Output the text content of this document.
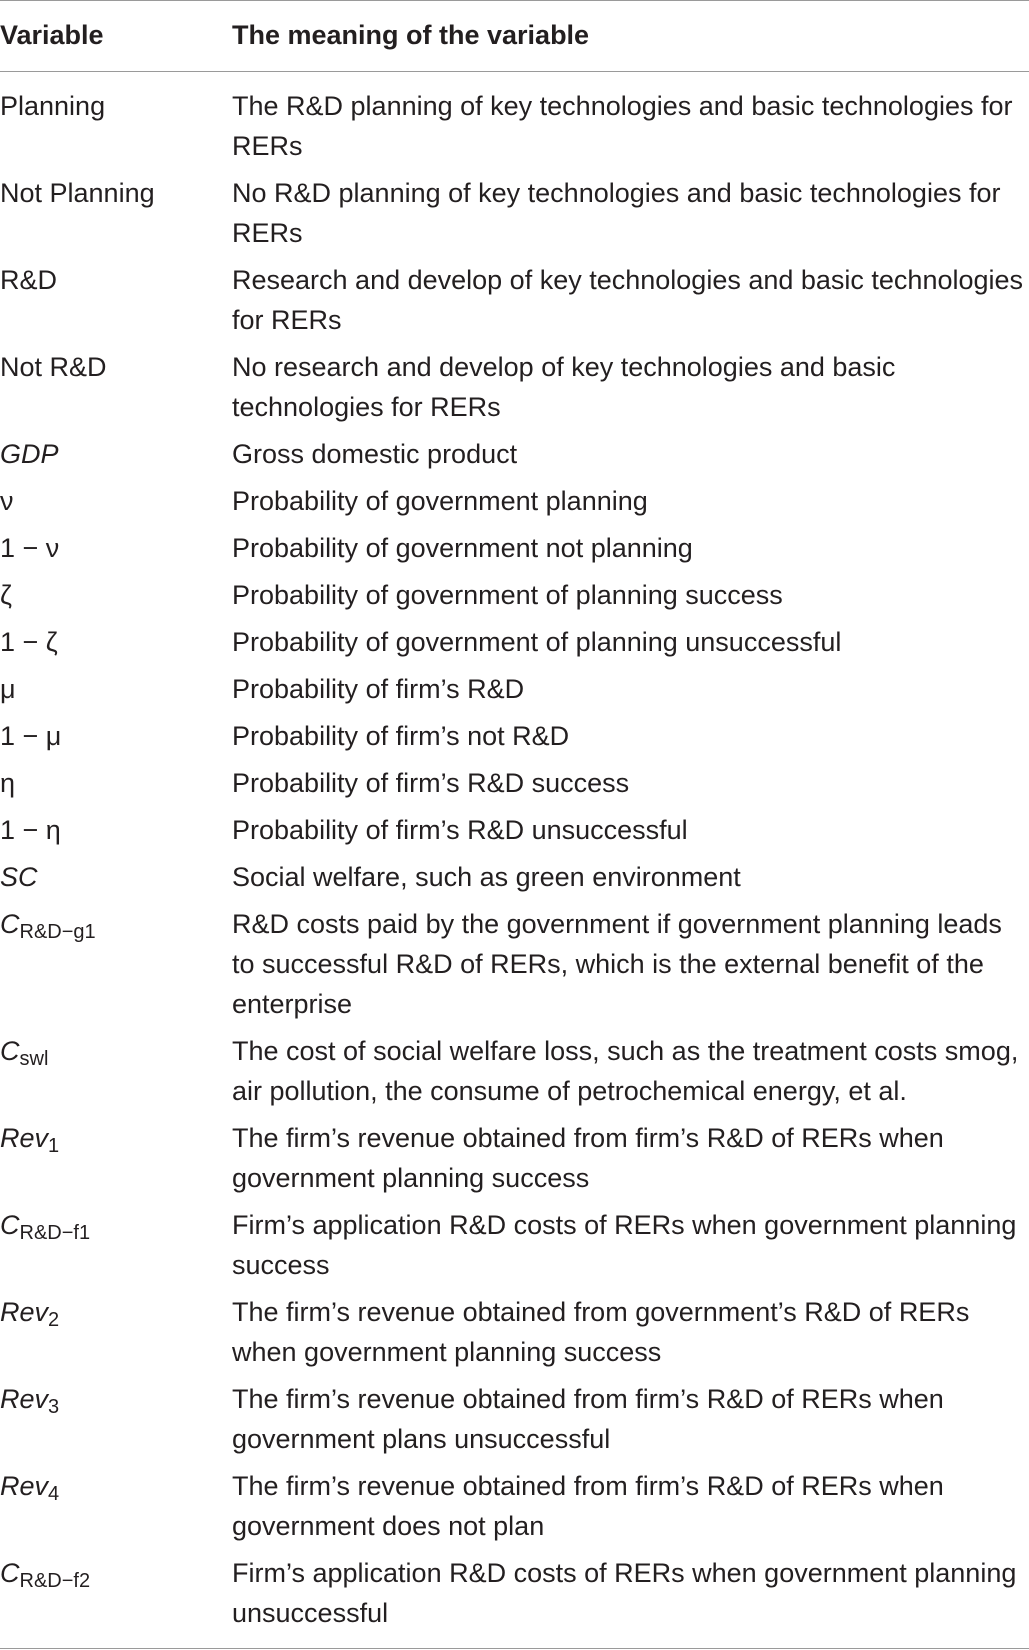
Variable	The meaning of the variable
Planning	The R&D planning of key technologies and basic technologies for RERs
Not Planning	No R&D planning of key technologies and basic technologies for RERs
R&D	Research and develop of key technologies and basic technologies for RERs
Not R&D	No research and develop of key technologies and basic technologies for RERs
GDP	Gross domestic product
ν	Probability of government planning
1 − ν	Probability of government not planning
ζ	Probability of government of planning success
1 − ζ	Probability of government of planning unsuccessful
μ	Probability of firm’s R&D
1 − μ	Probability of firm’s not R&D
η	Probability of firm’s R&D success
1 − η	Probability of firm’s R&D unsuccessful
SC	Social welfare, such as green environment
$C_{R\&D-g1}$	R&D costs paid by the government if government planning leads to successful R&D of RERs, which is the external benefit of the enterprise
$C_{swl}$	The cost of social welfare loss, such as the treatment costs smog, air pollution, the consume of petrochemical energy, et al.
Rev$_1$	The firm’s revenue obtained from firm’s R&D of RERs when government planning success
$C_{R\&D-f1}$	Firm’s application R&D costs of RERs when government planning success
Rev$_2$	The firm’s revenue obtained from government’s R&D of RERs when government planning success
Rev$_3$	The firm’s revenue obtained from firm’s R&D of RERs when government plans unsuccessful
Rev$_4$	The firm’s revenue obtained from firm’s R&D of RERs when government does not plan
$C_{R\&D-f2}$	Firm’s application R&D costs of RERs when government planning unsuccessful
